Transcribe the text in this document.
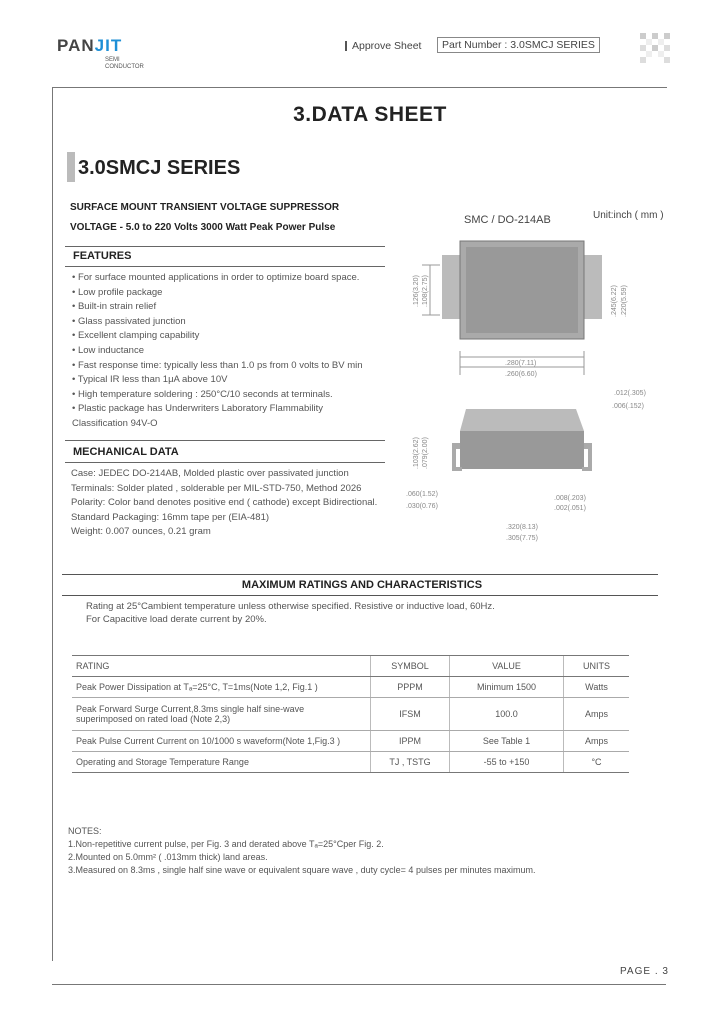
PANJIT
SEMI
CONDUCTOR
Approve Sheet	Part Number : 3.0SMCJ SERIES
3.DATA SHEET
3.0SMCJ SERIES
SURFACE MOUNT TRANSIENT VOLTAGE SUPPRESSOR
VOLTAGE - 5.0 to 220 Volts 3000 Watt Peak Power Pulse
FEATURES
• For surface mounted applications in order to optimize board space.
• Low profile package
• Built-in strain relief
• Glass passivated junction
• Excellent clamping capability
• Low inductance
• Fast response time: typically less than 1.0 ps from 0 volts to BV min
• Typical IR less than 1μA above 10V
• High temperature soldering : 250°C/10 seconds at terminals.
• Plastic package has Underwriters Laboratory Flammability
Classification 94V-O
MECHANICAL DATA
Case: JEDEC DO-214AB, Molded plastic over passivated junction
Terminals: Solder plated , solderable per MIL-STD-750, Method 2026
Polarity: Color band denotes positive end ( cathode) except Bidirectional.
Standard Packaging: 16mm tape per (EIA-481)
Weight: 0.007 ounces, 0.21 gram
SMC / DO-214AB	Unit:inch ( mm )
.126(3.20) .108(2.75)	.245(6.22) .220(5.59)
.280(7.11)
.260(6.60)
.012(.305)
.006(.152)
.103(2.62) .079(2.00)
.060(1.52)
.030(0.76)
.008(.203)
.002(.051)
.320(8.13)
.305(7.75)
MAXIMUM RATINGS AND CHARACTERISTICS
Rating at 25°Cambient temperature unless otherwise specified. Resistive or inductive load, 60Hz.
For Capacitive load derate current by 20%.
RATING	SYMBOL	VALUE	UNITS
Peak Power Dissipation at Tₐ=25°C, T=1ms(Note 1,2, Fig.1 )	PPPM	Minimum 1500	Watts
Peak Forward Surge Current,8.3ms single half sine-wave
superimposed on rated load (Note 2,3)	IFSM	100.0	Amps
Peak Pulse Current Current on 10/1000 s waveform(Note 1,Fig.3 )	IPPM	See Table 1	Amps
Operating and Storage Temperature Range	TJ , TSTG	-55 to +150	°C
NOTES:
1.Non-repetitive current pulse, per Fig. 3 and derated above Tₐ=25°Cper Fig. 2.
2.Mounted on 5.0mm² ( .013mm thick) land areas.
3.Measured on 8.3ms , single half sine wave or equivalent square wave , duty cycle= 4 pulses per minutes maximum.
PAGE . 3
